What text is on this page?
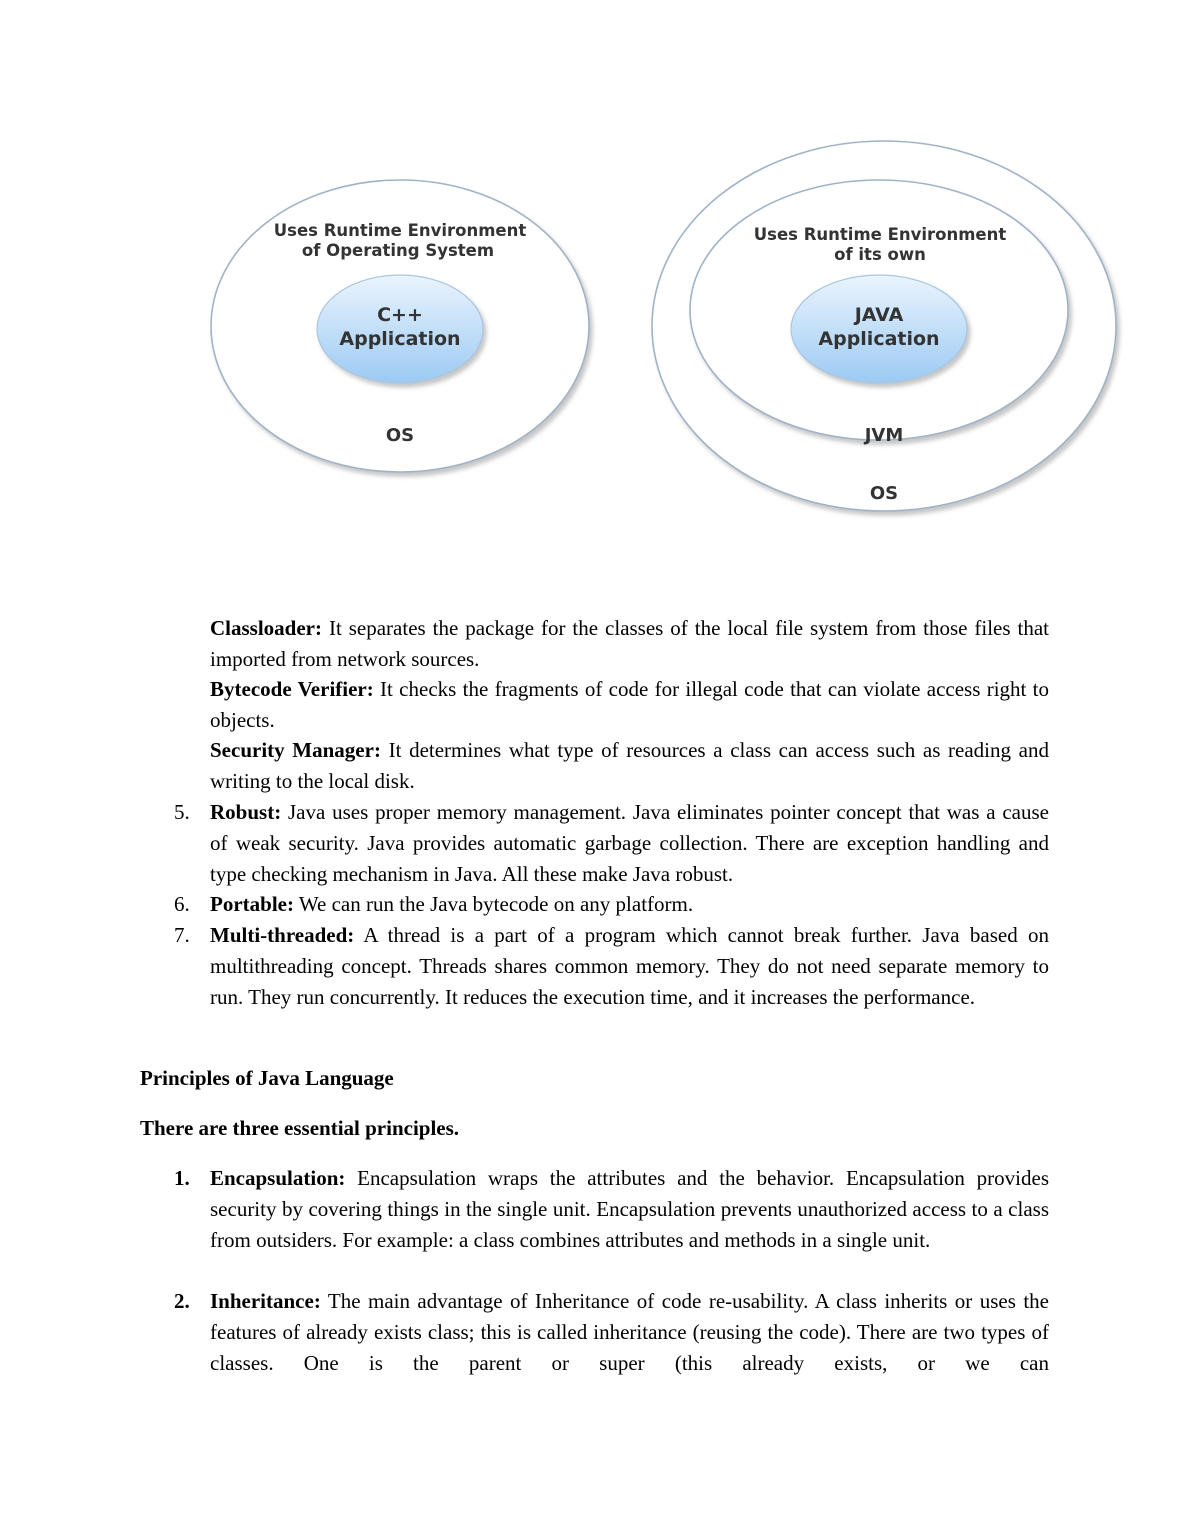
Uses Runtime Environment
of Operating System
C++
Application
OS
Uses Runtime Environment
of its own
JAVA
Application
JVM
OS

Classloader: It separates the package for the classes of the local file system from those files that imported from network sources.

Bytecode Verifier: It checks the fragments of code for illegal code that can violate access right to objects.

Security Manager: It determines what type of resources a class can access such as reading and writing to the local disk.

5. Robust: Java uses proper memory management. Java eliminates pointer concept that was a cause of weak security. Java provides automatic garbage collection. There are exception handling and type checking mechanism in Java. All these make Java robust.

6. Portable: We can run the Java bytecode on any platform.

7. Multi-threaded: A thread is a part of a program which cannot break further. Java based on multithreading concept. Threads shares common memory. They do not need separate memory to run. They run concurrently. It reduces the execution time, and it increases the performance.

Principles of Java Language

There are three essential principles.

1. Encapsulation: Encapsulation wraps the attributes and the behavior. Encapsulation provides security by covering things in the single unit. Encapsulation prevents unauthorized access to a class from outsiders. For example: a class combines attributes and methods in a single unit.

2. Inheritance: The main advantage of Inheritance of code re-usability. A class inherits or uses the features of already exists class; this is called inheritance (reusing the code). There are two types of classes. One is the parent or super (this already exists, or we can
